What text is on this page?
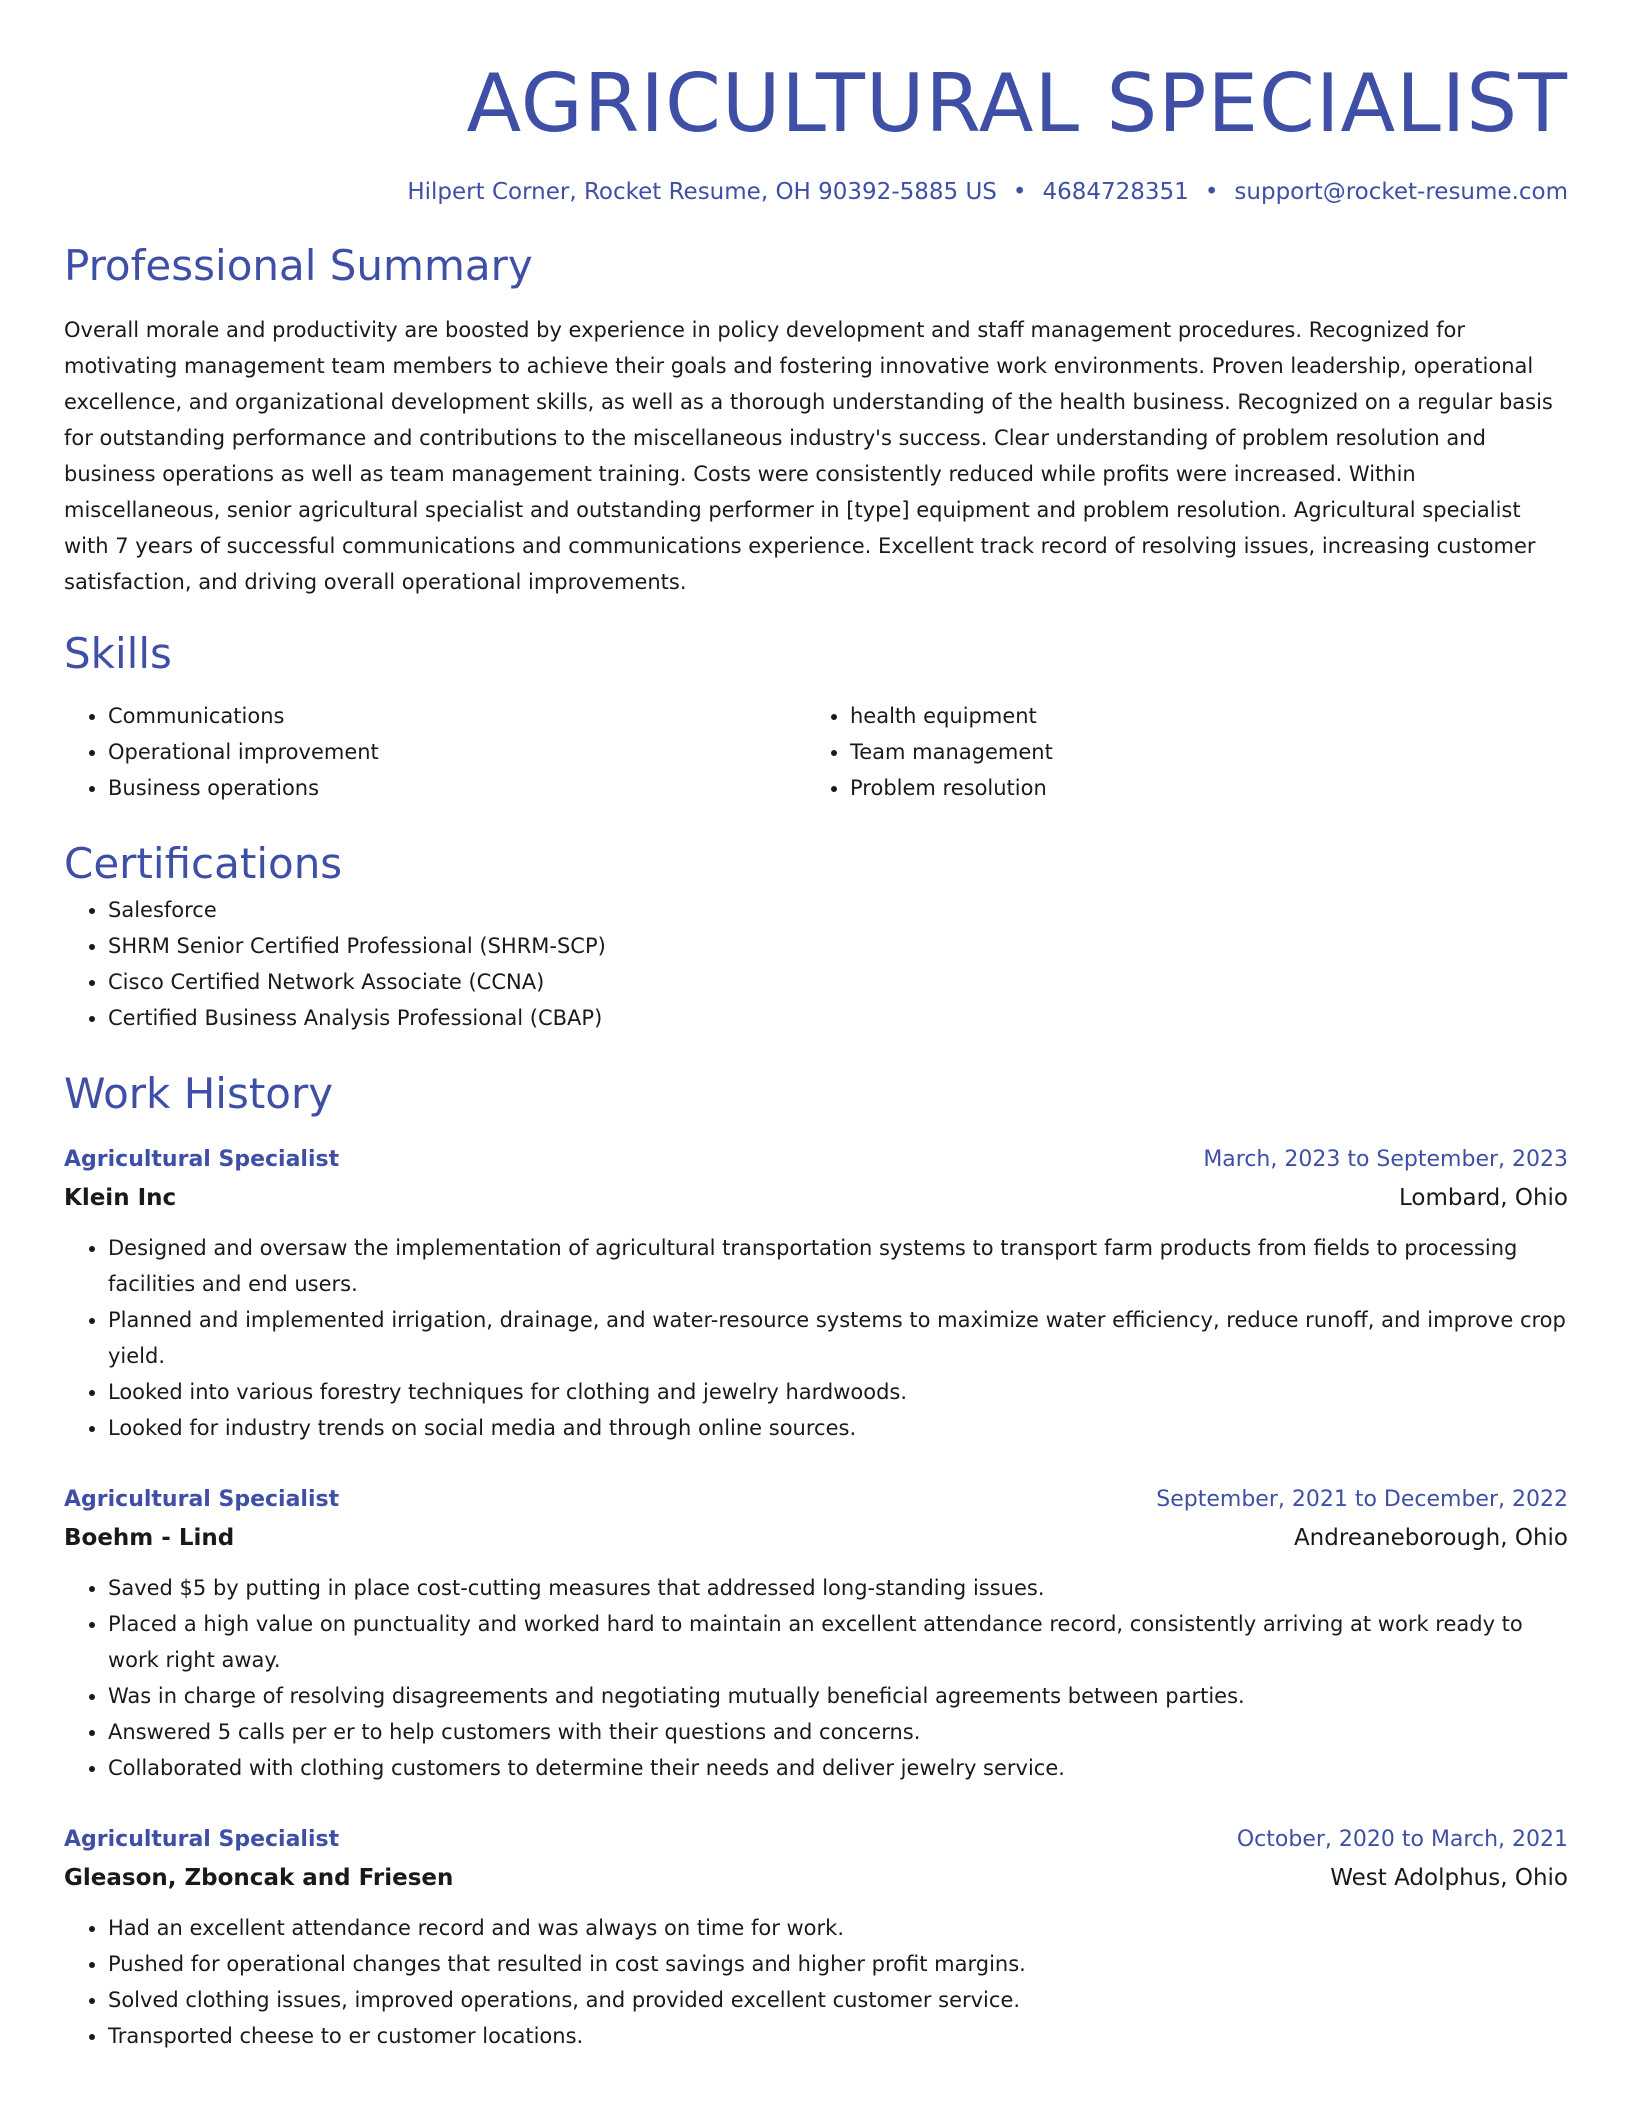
AGRICULTURAL SPECIALIST
Hilpert Corner, Rocket Resume, OH 90392-5885 US • 4684728351 • support@rocket-resume.com
Professional Summary
Overall morale and productivity are boosted by experience in policy development and staff management procedures. Recognized for motivating management team members to achieve their goals and fostering innovative work environments. Proven leadership, operational excellence, and organizational development skills, as well as a thorough understanding of the health business. Recognized on a regular basis for outstanding performance and contributions to the miscellaneous industry's success. Clear understanding of problem resolution and business operations as well as team management training. Costs were consistently reduced while profits were increased. Within miscellaneous, senior agricultural specialist and outstanding performer in [type] equipment and problem resolution. Agricultural specialist with 7 years of successful communications and communications experience. Excellent track record of resolving issues, increasing customer satisfaction, and driving overall operational improvements.
Skills
• Communications
• Operational improvement
• Business operations
• health equipment
• Team management
• Problem resolution
Certifications
• Salesforce
• SHRM Senior Certified Professional (SHRM-SCP)
• Cisco Certified Network Associate (CCNA)
• Certified Business Analysis Professional (CBAP)
Work History
Agricultural Specialist	March, 2023 to September, 2023
Klein Inc	Lombard, Ohio
• Designed and oversaw the implementation of agricultural transportation systems to transport farm products from fields to processing facilities and end users.
• Planned and implemented irrigation, drainage, and water-resource systems to maximize water efficiency, reduce runoff, and improve crop yield.
• Looked into various forestry techniques for clothing and jewelry hardwoods.
• Looked for industry trends on social media and through online sources.
Agricultural Specialist	September, 2021 to December, 2022
Boehm - Lind	Andreaneborough, Ohio
• Saved $5 by putting in place cost-cutting measures that addressed long-standing issues.
• Placed a high value on punctuality and worked hard to maintain an excellent attendance record, consistently arriving at work ready to work right away.
• Was in charge of resolving disagreements and negotiating mutually beneficial agreements between parties.
• Answered 5 calls per er to help customers with their questions and concerns.
• Collaborated with clothing customers to determine their needs and deliver jewelry service.
Agricultural Specialist	October, 2020 to March, 2021
Gleason, Zboncak and Friesen	West Adolphus, Ohio
• Had an excellent attendance record and was always on time for work.
• Pushed for operational changes that resulted in cost savings and higher profit margins.
• Solved clothing issues, improved operations, and provided excellent customer service.
• Transported cheese to er customer locations.
